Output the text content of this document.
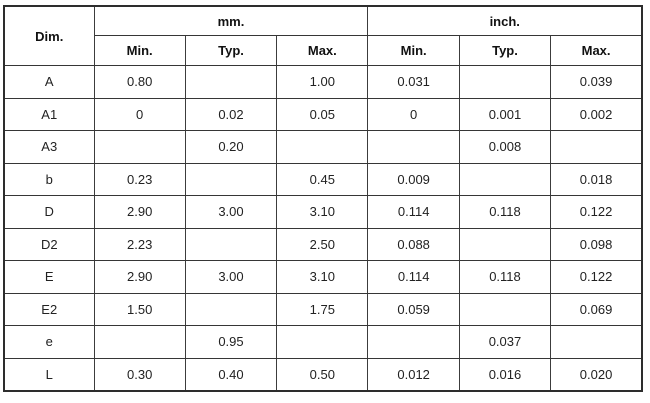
Dim.	mm.			inch.		
	Min.	Typ.	Max.	Min.	Typ.	Max.
A	0.80		1.00	0.031		0.039
A1	0	0.02	0.05	0	0.001	0.002
A3		0.20			0.008	
b	0.23		0.45	0.009		0.018
D	2.90	3.00	3.10	0.114	0.118	0.122
D2	2.23		2.50	0.088		0.098
E	2.90	3.00	3.10	0.114	0.118	0.122
E2	1.50		1.75	0.059		0.069
e		0.95			0.037	
L	0.30	0.40	0.50	0.012	0.016	0.020
